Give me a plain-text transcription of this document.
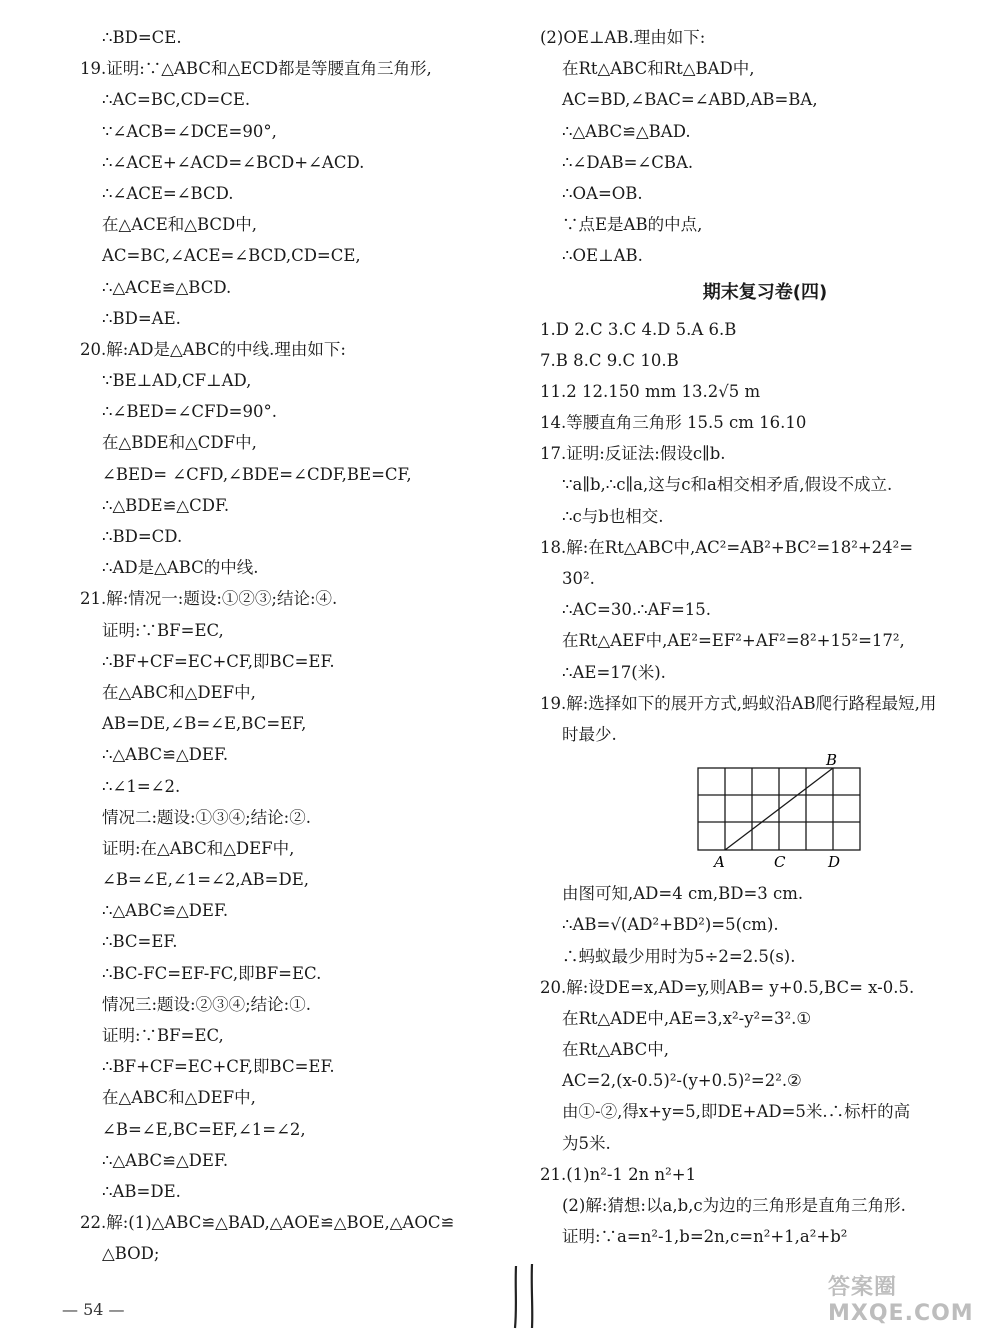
∴BD=CE.
19.证明:∵△ABC和△ECD都是等腰直角三角形,
∴AC=BC,CD=CE.
∵∠ACB=∠DCE=90°,
∴∠ACE+∠ACD=∠BCD+∠ACD.
∴∠ACE=∠BCD.
在△ACE和△BCD中,
AC=BC,∠ACE=∠BCD,CD=CE,
∴△ACE≌△BCD.
∴BD=AE.
20.解:AD是△ABC的中线.理由如下:
∵BE⊥AD,CF⊥AD,
∴∠BED=∠CFD=90°.
在△BDE和△CDF中,
∠BED= ∠CFD,∠BDE=∠CDF,BE=CF,
∴△BDE≌△CDF.
∴BD=CD.
∴AD是△ABC的中线.
21.解:情况一:题设:①②③;结论:④.
证明:∵BF=EC,
∴BF+CF=EC+CF,即BC=EF.
在△ABC和△DEF中,
AB=DE,∠B=∠E,BC=EF,
∴△ABC≌△DEF.
∴∠1=∠2.
情况二:题设:①③④;结论:②.
证明:在△ABC和△DEF中,
∠B=∠E,∠1=∠2,AB=DE,
∴△ABC≌△DEF.
∴BC=EF.
∴BC-FC=EF-FC,即BF=EC.
情况三:题设:②③④;结论:①.
证明:∵BF=EC,
∴BF+CF=EC+CF,即BC=EF.
在△ABC和△DEF中,
∠B=∠E,BC=EF,∠1=∠2,
∴△ABC≌△DEF.
∴AB=DE.
22.解:(1)△ABC≌△BAD,△AOE≌△BOE,△AOC≌
△BOD;
(2)OE⊥AB.理由如下:
在Rt△ABC和Rt△BAD中,
AC=BD,∠BAC=∠ABD,AB=BA,
∴△ABC≌△BAD.
∴∠DAB=∠CBA.
∴OA=OB.
∵点E是AB的中点,
∴OE⊥AB.
期末复习卷(四)
1.D 2.C 3.C 4.D 5.A 6.B
7.B 8.C 9.C 10.B
11.2 12.150 mm 13.2√5 m
14.等腰直角三角形 15.5 cm 16.10
17.证明:反证法:假设c∥b.
∵a∥b,∴c∥a,这与c和a相交相矛盾,假设不成立.
∴c与b也相交.
18.解:在Rt△ABC中,AC²=AB²+BC²=18²+24²=
30².
∴AC=30.∴AF=15.
在Rt△AEF中,AE²=EF²+AF²=8²+15²=17²,
∴AE=17(米).
19.解:选择如下的展开方式,蚂蚁沿AB爬行路程最短,用
时最少.
B
A	C	D
由图可知,AD=4 cm,BD=3 cm.
∴AB=√(AD²+BD²)=5(cm).
∴蚂蚁最少用时为5÷2=2.5(s).
20.解:设DE=x,AD=y,则AB= y+0.5,BC= x-0.5.
在Rt△ADE中,AE=3,x²-y²=3².①
在Rt△ABC中,
AC=2,(x-0.5)²-(y+0.5)²=2².②
由①-②,得x+y=5,即DE+AD=5米.∴标杆的高
为5米.
21.(1)n²-1 2n n²+1
(2)解:猜想:以a,b,c为边的三角形是直角三角形.
证明:∵a=n²-1,b=2n,c=n²+1,a²+b²
— 54 —
答案圈 MXQE.COM
